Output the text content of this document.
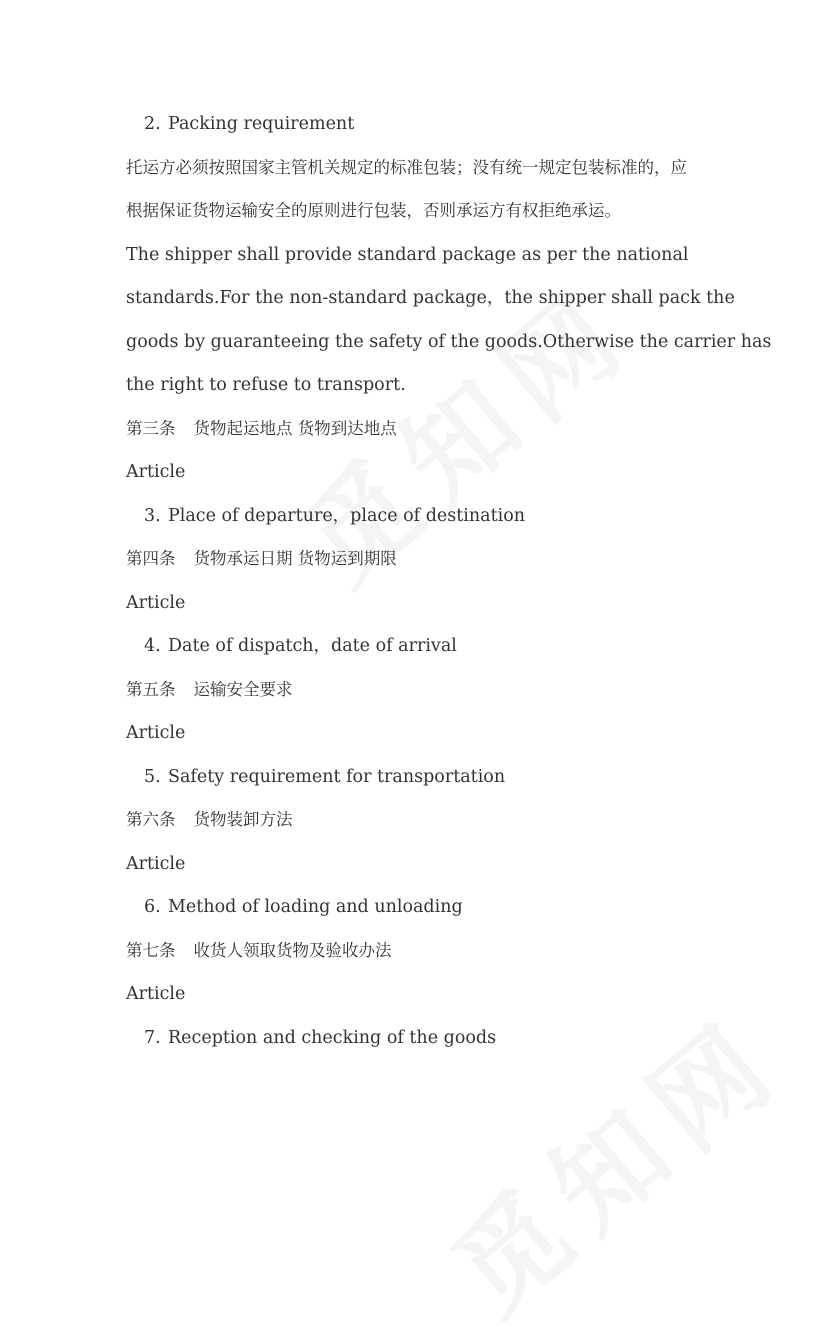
2. Packing requirement
托运方必须按照国家主管机关规定的标准包装；没有统一规定包装标准的，应
根据保证货物运输安全的原则进行包装，否则承运方有权拒绝承运。
The shipper shall provide standard package as per the national
standards.For the non-standard package，the shipper shall pack the
goods by guaranteeing the safety of the goods.Otherwise the carrier has
the right to refuse to transport.
第三条 货物起运地点 货物到达地点
Article
3. Place of departure，place of destination
第四条 货物承运日期 货物运到期限
Article
4. Date of dispatch，date of arrival
第五条 运输安全要求
Article
5. Safety requirement for transportation
第六条 货物装卸方法
Article
6. Method of loading and unloading
第七条 收货人领取货物及验收办法
Article
7. Reception and checking of the goods
